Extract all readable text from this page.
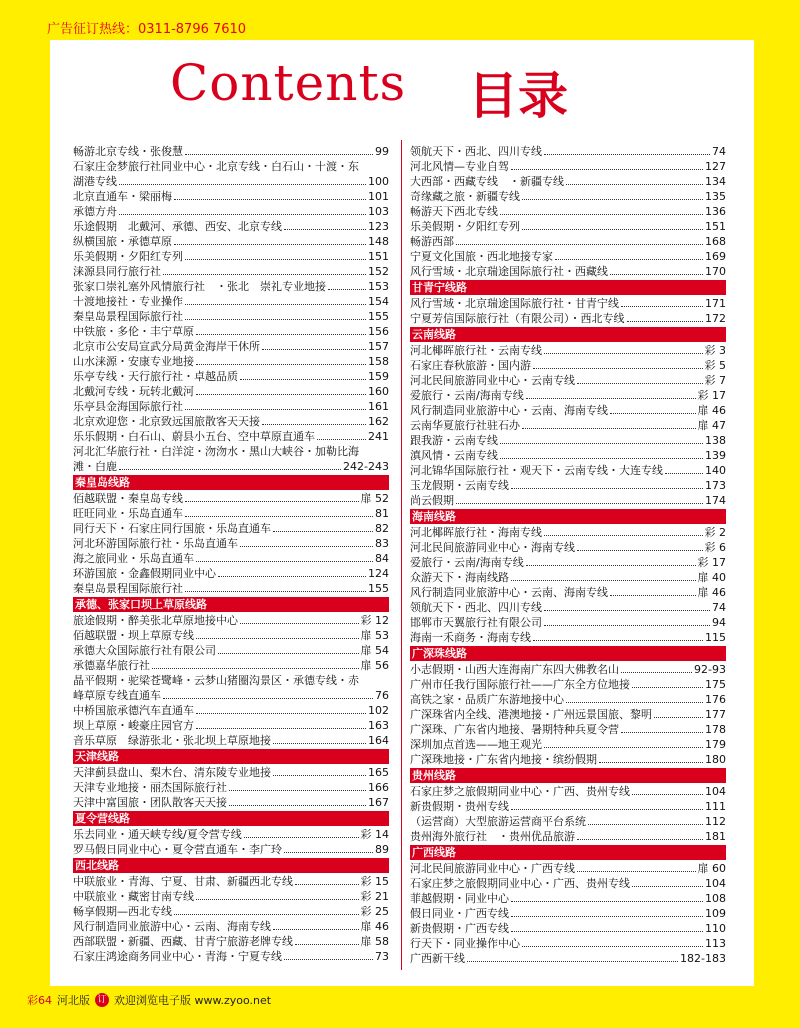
广告征订热线：0311-8796 7610
Contents 目录
畅游北京专线・张俊慧	99
石家庄金梦旅行社同业中心・北京专线・白石山・十渡・东
湖港专线	100
北京直通车・梁丽梅	101
承德方舟	103
乐途假期　北戴河、承德、西安、北京专线	123
纵横国旅・承德草原	148
乐美假期・夕阳红专列	151
涞源县同行旅行社	152
张家口崇礼塞外风情旅行社　・张北　崇礼专业地接	153
十渡地接社・专业操作	154
秦皇岛景程国际旅行社	155
中铁旅・多伦・丰宁草原	156
北京市公安局宣武分局黄金海岸干休所	157
山水涞源・安康专业地接	158
乐亭专线・天行旅行社・卓越品质	159
北戴河专线・玩转北戴河	160
乐亭县金海国际旅行社	161
北京欢迎您・北京致远国旅散客天天接	162
乐乐假期・白石山、蔚县小五台、空中草原直通车	241
河北汇华旅行社・白洋淀・沕沕水・黑山大峡谷・加勒比海
滩・白鹿	242-243
秦皇岛线路
佰越联盟・秦皇岛专线	扉 52
旺旺同业・乐岛直通车	81
同行天下・石家庄同行国旅・乐岛直通车	82
河北环游国际旅行社・乐岛直通车	83
海之旅同业・乐岛直通车	84
环游国旅・金鑫假期同业中心	124
秦皇岛景程国际旅行社	155
承德、张家口坝上草原线路
旅途假期・醉美张北草原地接中心	彩 12
佰越联盟・坝上草原专线	扉 53
承德大众国际旅行社有限公司	扉 54
承德嘉华旅行社	扉 56
晶平假期・驼梁苍鹭峰・云梦山猪圈沟景区・承德专线・赤
峰草原专线直通车	76
中桥国旅承德汽车直通车	102
坝上草原・峻豪庄园官方	163
音乐草原　绿游张北・张北坝上草原地接	164
天津线路
天津蓟县盘山、梨木台、清东陵专业地接	165
天津专业地接・丽杰国际旅行社	166
天津中富国旅・团队散客天天接	167
夏令营线路
乐去同业・通天峡专线/夏令营专线	彩 14
罗马假日同业中心・夏令营直通车・李广玲	89
西北线路
中联旅业・青海、宁夏、甘肃、新疆西北专线	彩 15
中联旅业・藏密甘南专线	彩 21
畅享假期—西北专线	彩 25
风行制造同业旅游中心・云南、海南专线	扉 46
西部联盟・新疆、西藏、甘青宁旅游老牌专线	扉 58
石家庄鸿途商务同业中心・青海・宁夏专线	73
领航天下・西北、四川专线	74
河北风情—专业自驾	127
大西部・西藏专线　・新疆专线	134
奇缘藏之旅・新疆专线	135
畅游天下西北专线	136
乐美假期・夕阳红专列	151
畅游西部	168
宁夏文化国旅・西北地接专家	169
风行雪域・北京瑞途国际旅行社・西藏线	170
甘青宁线路
风行雪域・北京瑞途国际旅行社・甘青宁线	171
宁夏芳信国际旅行社（有限公司）・西北专线	172
云南线路
河北椰晖旅行社・云南专线	彩 3
石家庄春秋旅游・国内游	彩 5
河北民间旅游同业中心・云南专线	彩 7
爱旅行・云南/海南专线	彩 17
风行制造同业旅游中心・云南、海南专线	扉 46
云南华夏旅行社驻石办	扉 47
跟我游・云南专线	138
滇风情・云南专线	139
河北锦华国际旅行社・观天下・云南专线・大连专线	140
玉龙假期・云南专线	173
尚云假期	174
海南线路
河北椰晖旅行社・海南专线	彩 2
河北民间旅游同业中心・海南专线	彩 6
爱旅行・云南/海南专线	彩 17
众游天下・海南线路	扉 40
风行制造同业旅游中心・云南、海南专线	扉 46
领航天下・西北、四川专线	74
邯郸市天翼旅行社有限公司	94
海南一禾商务・海南专线	115
广深珠线路
小志假期・山西大连海南广东四大佛教名山	92-93
广州市任我行国际旅行社——广东全方位地接	175
高铁之家・品质广东游地接中心	176
广深珠省内全线、港澳地接・广州远景国旅、黎明	177
广深珠、广东省内地接、暑期特种兵夏令营	178
深圳加点首选——地王观光	179
广深珠地接・广东省内地接・缤纷假期	180
贵州线路
石家庄梦之旅假期同业中心・广西、贵州专线	104
新贵假期・贵州专线	111
（运营商）大型旅游运营商平台系统	112
贵州海外旅行社　・贵州优品旅游	181
广西线路
河北民间旅游同业中心・广西专线	扉 60
石家庄梦之旅假期同业中心・广西、贵州专线	104
菲越假期・同业中心	108
假日同业・广西专线	109
新贵假期・广西专线	110
行天下・同业操作中心	113
广西新干线	182-183
彩64 河北版 订 欢迎浏览电子版 www.zyoo.net
